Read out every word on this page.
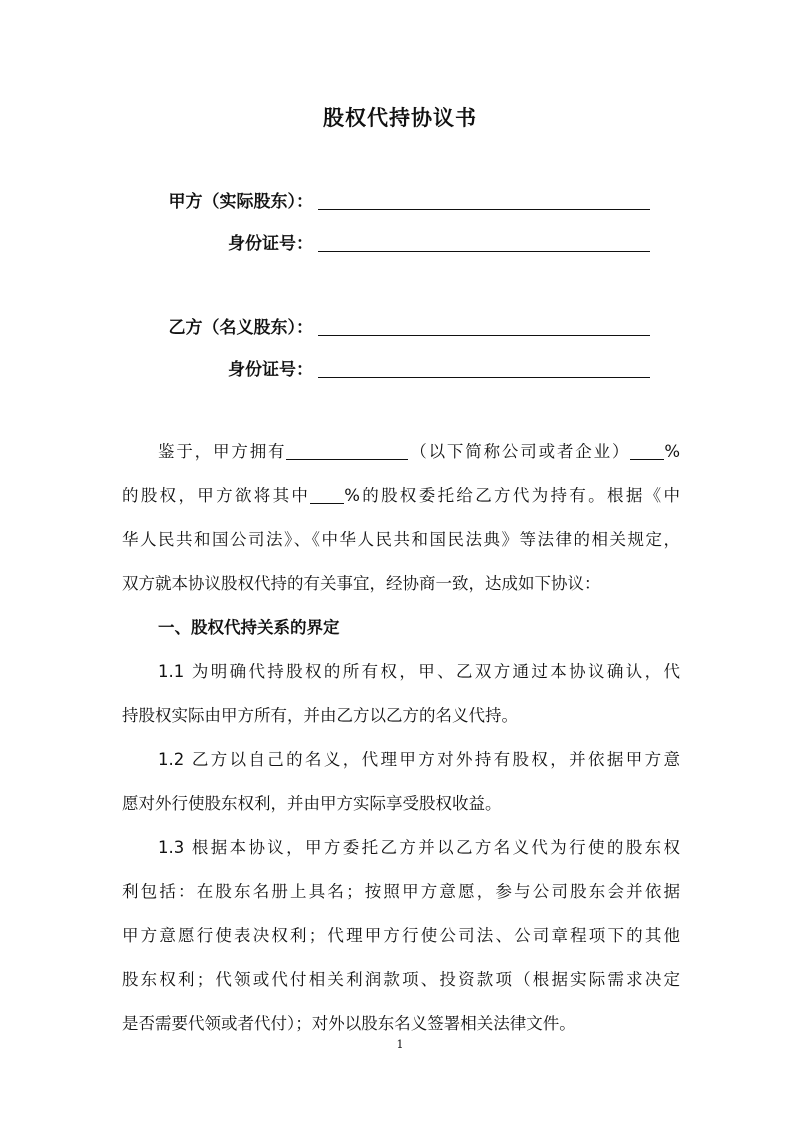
股权代持协议书
甲方（实际股东）：
身份证号：
乙方（名义股东）：
身份证号：
鉴于，甲方拥有	（以下简称公司或者企业） %
的股权，甲方欲将其中 %的股权委托给乙方代为持有。根据《中
华人民共和国公司法》、《中华人民共和国民法典》等法律的相关规定，
双方就本协议股权代持的有关事宜，经协商一致，达成如下协议：
一、股权代持关系的界定
1.1 为明确代持股权的所有权，甲、乙双方通过本协议确认，代
持股权实际由甲方所有，并由乙方以乙方的名义代持。
1.2 乙方以自己的名义，代理甲方对外持有股权，并依据甲方意
愿对外行使股东权利，并由甲方实际享受股权收益。
1.3 根据本协议，甲方委托乙方并以乙方名义代为行使的股东权
利包括：在股东名册上具名；按照甲方意愿，参与公司股东会并依据
甲方意愿行使表决权利；代理甲方行使公司法、公司章程项下的其他
股东权利；代领或代付相关利润款项、投资款项（根据实际需求决定
是否需要代领或者代付）；对外以股东名义签署相关法律文件。
1
